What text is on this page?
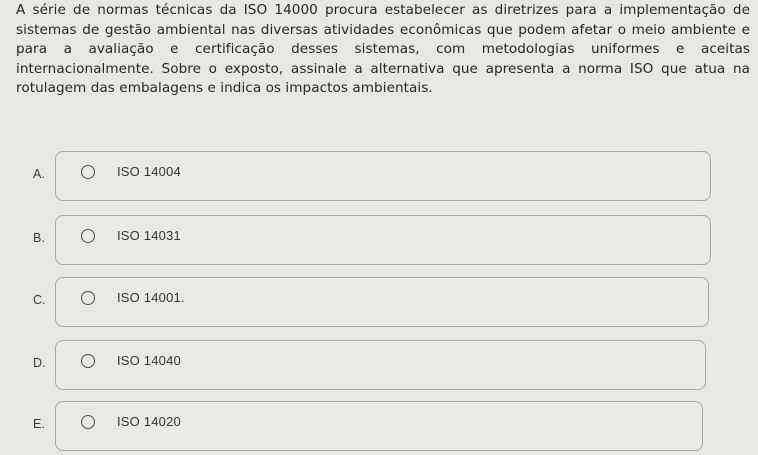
A série de normas técnicas da ISO 14000 procura estabelecer as diretrizes para a implementação de sistemas de gestão ambiental nas diversas atividades econômicas que podem afetar o meio ambiente e para a avaliação e certificação desses sistemas, com metodologias uniformes e aceitas internacionalmente. Sobre o exposto, assinale a alternativa que apresenta a norma ISO que atua na rotulagem das embalagens e indica os impactos ambientais.
A.	ISO 14004
B.	ISO 14031
C.	ISO 14001.
D.	ISO 14040
E.	ISO 14020
